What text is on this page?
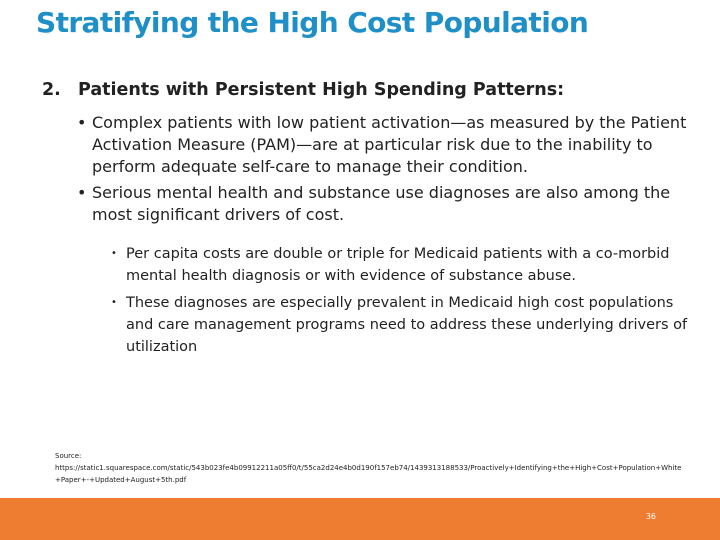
Stratifying the High Cost Population
2. Patients with Persistent High Spending Patterns:
• Complex patients with low patient activation—as measured by the Patient Activation Measure (PAM)—are at particular risk due to the inability to perform adequate self-care to manage their condition.
• Serious mental health and substance use diagnoses are also among the most significant drivers of cost.
• Per capita costs are double or triple for Medicaid patients with a co-morbid mental health diagnosis or with evidence of substance abuse.
• These diagnoses are especially prevalent in Medicaid high cost populations and care management programs need to address these underlying drivers of utilization
Source:
https://static1.squarespace.com/static/543b023fe4b09912211a05ff0/t/55ca2d24e4b0d190f157eb74/1439313188533/Proactively+Identifying+the+High+Cost+Population+White+Paper+-+Updated+August+5th.pdf
36
